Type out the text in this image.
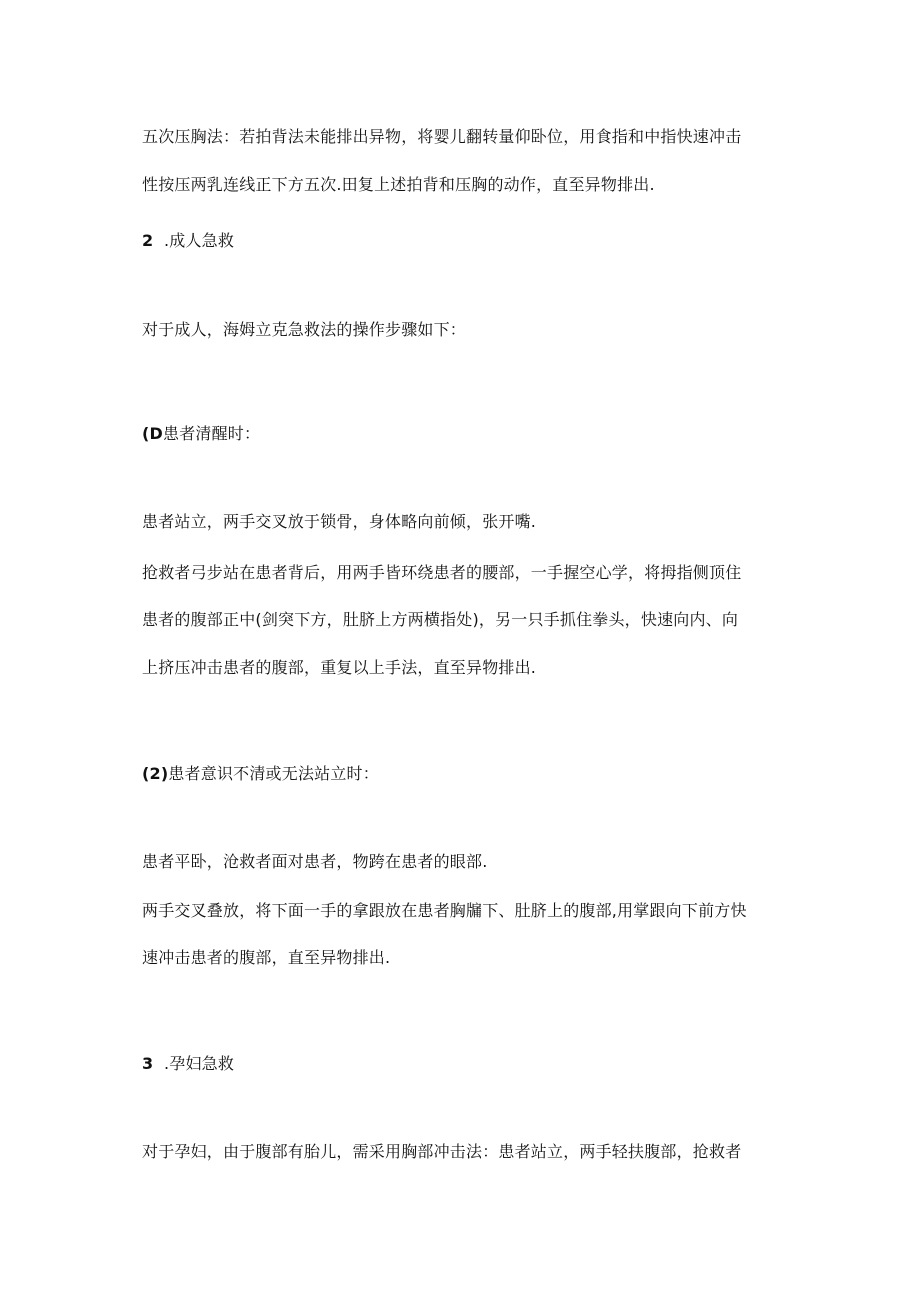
五次压胸法：若拍背法未能排出异物，将婴儿翻转量仰卧位，用食指和中指快速冲击
性按压两乳连线正下方五次.田复上述拍背和压胸的动作，直至异物排出.
2 .成人急救
对于成人，海姆立克急救法的操作步骤如下：
(D患者清醒时：
患者站立，两手交叉放于锁骨，身体略向前倾，张开嘴.
抢救者弓步站在患者背后，用两手皆环绕患者的腰部，一手握空心学，将拇指侧顶住
患者的腹部正中(剑突下方，肚脐上方两横指处)，另一只手抓住拳头，快速向内、向
上挤压冲击患者的腹部，重复以上手法，直至异物排出.
(2)患者意识不清或无法站立时：
患者平卧，沧救者面对患者，物跨在患者的眼部.
两手交叉叠放，将下面一手的拿跟放在患者胸牖下、肚脐上的腹部,用掌跟向下前方快
速冲击患者的腹部，直至异物排出.
3 .孕妇急救
对于孕妇，由于腹部有胎儿，需采用胸部冲击法：患者站立，两手轻扶腹部，抢救者
